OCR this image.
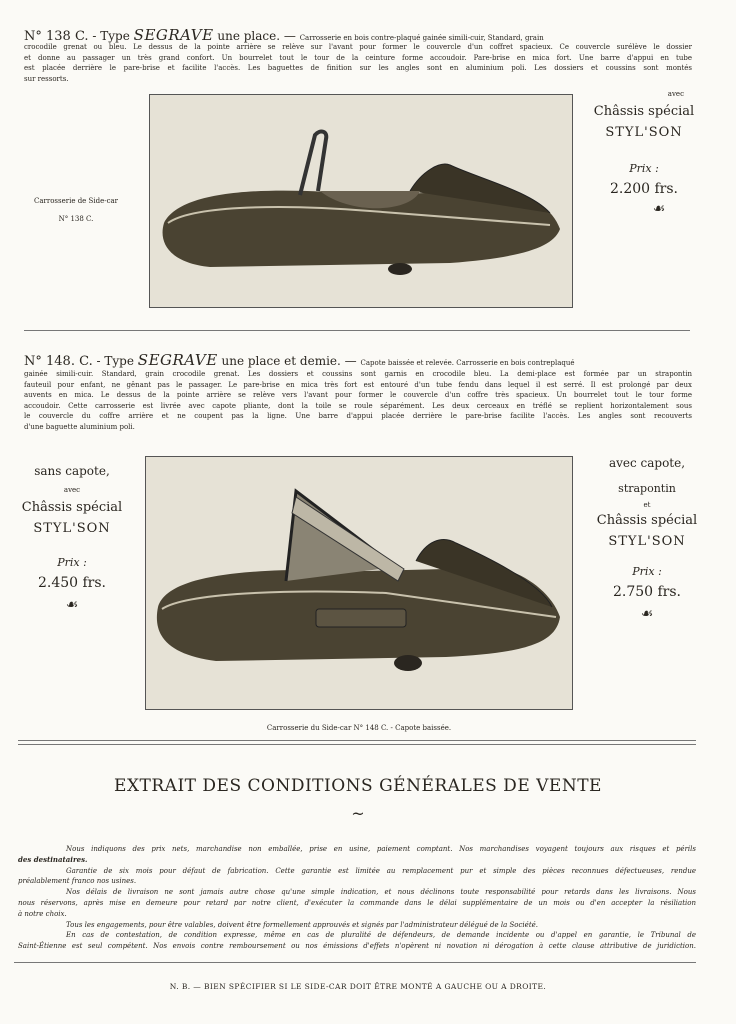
N° 138 C. - Type SEGRAVE une place. — Carrosserie en bois contre-plaqué gainée simili-cuir, Standard, grain
crocodile grenat ou bleu. Le dessus de la pointe arrière se relève sur l'avant pour former le couvercle d'un coffret spacieux. Ce couvercle surélève le dossier
et donne au passager un très grand confort. Un bourrelet tout le tour de la ceinture forme accoudoir. Pare-brise en mica fort. Une barre d'appui en tube
est placée derrière le pare-brise et facilite l'accès. Les baguettes de finition sur les angles sont en aluminium poli. Les dossiers et coussins sont montés
sur ressorts.
Carrosserie de Side-car
N° 138 C.
avec
Châssis spécial
STYL'SON
Prix :
2.200 frs.
☙
N° 148. C. - Type SEGRAVE une place et demie. — Capote baissée et relevée. Carrosserie en bois contreplaqué
gainée simili-cuir. Standard, grain crocodile grenat. Les dossiers et coussins sont garnis en crocodile bleu. La demi-place est formée par un strapontin
fauteuil pour enfant, ne gênant pas le passager. Le pare-brise en mica très fort est entouré d'un tube fendu dans lequel il est serré. Il est prolongé par deux
auvents en mica. Le dessus de la pointe arrière se relève vers l'avant pour former le couvercle d'un coffre très spacieux. Un bourrelet tout le tour forme
accoudoir. Cette carrosserie est livrée avec capote pliante, dont la toile se roule séparément. Les deux cerceaux en tréflé se replient horizontalement sous
le couvercle du coffre arrière et ne coupent pas la ligne. Une barre d'appui placée derrière le pare-brise facilite l'accès. Les angles sont recouverts
d'une baguette aluminium poli.
sans capote,
avec
Châssis spécial
STYL'SON
Prix :
2.450 frs.
☙
avec capote,
strapontin
et
Châssis spécial
STYL'SON
Prix :
2.750 frs.
☙
Carrosserie du Side-car N° 148 C. - Capote baissée.
EXTRAIT DES CONDITIONS GÉNÉRALES DE VENTE
~
Nous indiquons des prix nets, marchandise non emballée, prise en usine, paiement comptant. Nos marchandises voyagent toujours aux risques et périls
des destinataires.
Garantie de six mois pour défaut de fabrication. Cette garantie est limitée au remplacement pur et simple des pièces reconnues défectueuses, rendue
préalablement franco nos usines.
Nos délais de livraison ne sont jamais autre chose qu'une simple indication, et nous déclinons toute responsabilité pour retards dans les livraisons. Nous
nous réservons, après mise en demeure pour retard par notre client, d'exécuter la commande dans le délai supplémentaire de un mois ou d'en accepter la résiliation
à notre choix.
Tous les engagements, pour être valables, doivent être formellement approuvés et signés par l'administrateur délégué de la Société.
En cas de contestation, de condition expresse, même en cas de pluralité de défendeurs, de demande incidente ou d'appel en garantie, le Tribunal de
Saint-Étienne est seul compétent. Nos envois contre remboursement ou nos émissions d'effets n'opèrent ni novation ni dérogation à cette clause attributive de juridiction.
N. B. — BIEN SPÉCIFIER SI LE SIDE-CAR DOIT ÊTRE MONTÉ A GAUCHE OU A DROITE.
